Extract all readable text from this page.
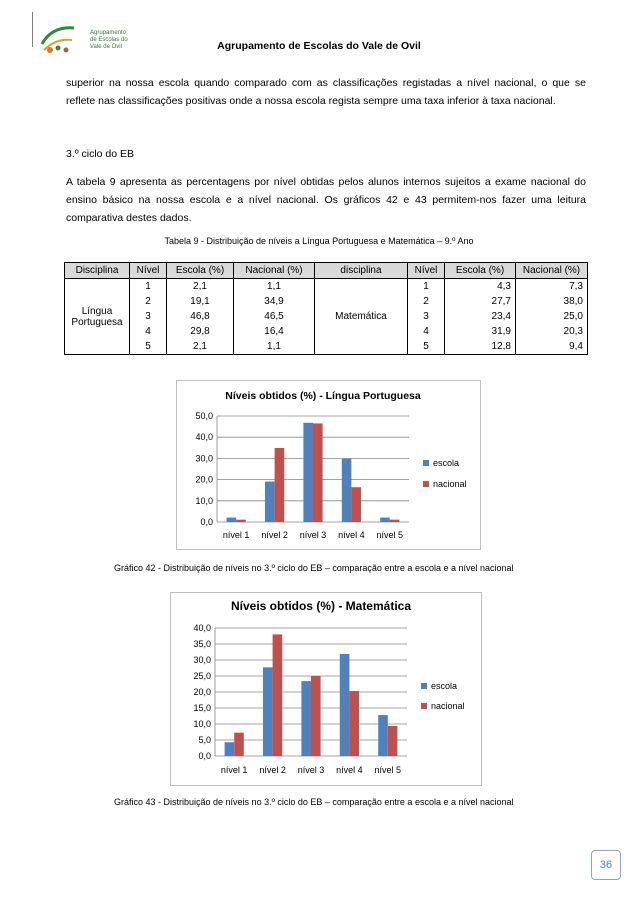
Agrupamento
de Escolas do
Vale de Ovil	Agrupamento de Escolas do Vale de Ovil
superior na nossa escola quando comparado com as classificações registadas a nível nacional, o que se
reflete nas classificações positivas onde a nossa escola regista sempre uma taxa inferior à taxa nacional.
3.º ciclo do EB
A tabela 9 apresenta as percentagens por nível obtidas pelos alunos internos sujeitos a exame nacional do
ensino básico na nossa escola e a nível nacional. Os gráficos 42 e 43 permitem-nos fazer uma leitura
comparativa destes dados.
Tabela 9 - Distribuição de níveis a Língua Portuguesa e Matemática – 9.º Ano
Disciplina	Nível	Escola (%)	Nacional (%)	disciplina	Nível	Escola (%)	Nacional (%)

Língua
Portuguesa	1	2,1	1,1	Matemática	1	4,3	7,3
	2	19,1	34,9		2	27,7	38,0
	3	46,8	46,5		3	23,4	25,0
	4	29,8	16,4		4	31,9	20,3
	5	2,1	1,1		5	12,8	9,4
Níveis obtidos (%) - Língua Portuguesa
0,0
10,0
20,0
30,0
40,0
50,0
nível 1 nível 2 nível 3 nível 4 nível 5
escola
nacional
Gráfico 42 - Distribuição de níveis no 3.º ciclo do EB – comparação entre a escola e a nível nacional
Níveis obtidos (%) - Matemática
0,0
5,0
10,0
15,0
20,0
25,0
30,0
35,0
40,0
nível 1 nível 2 nível 3 nível 4 nível 5
escola
nacional
Gráfico 43 - Distribuição de níveis no 3.º ciclo do EB – comparação entre a escola e a nível nacional
36
